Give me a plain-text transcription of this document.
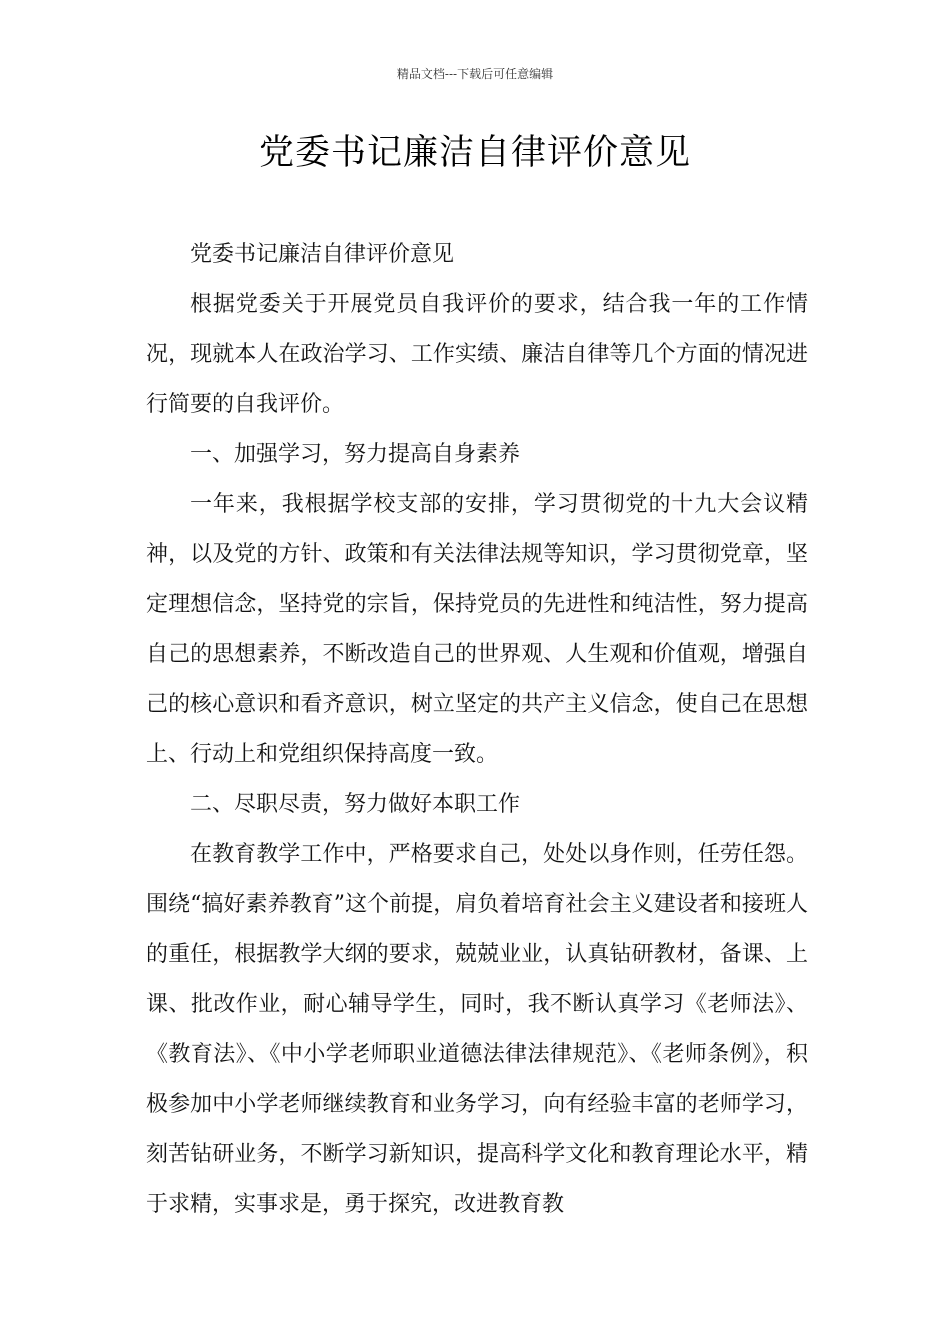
精品文档---下载后可任意编辑
党委书记廉洁自律评价意见

党委书记廉洁自律评价意见

根据党委关于开展党员自我评价的要求，结合我一年的工作情况，现就本人在政治学习、工作实绩、廉洁自律等几个方面的情况进行简要的自我评价。

一、加强学习，努力提高自身素养

一年来，我根据学校支部的安排，学习贯彻党的十九大会议精神，以及党的方针、政策和有关法律法规等知识，学习贯彻党章，坚定理想信念，坚持党的宗旨，保持党员的先进性和纯洁性，努力提高自己的思想素养，不断改造自己的世界观、人生观和价值观，增强自己的核心意识和看齐意识，树立坚定的共产主义信念，使自己在思想上、行动上和党组织保持高度一致。

二、尽职尽责，努力做好本职工作

在教育教学工作中，严格要求自己，处处以身作则，任劳任怨。围绕“搞好素养教育”这个前提，肩负着培育社会主义建设者和接班人的重任，根据教学大纲的要求，兢兢业业，认真钻研教材，备课、上课、批改作业，耐心辅导学生，同时，我不断认真学习《老师法》、《教育法》、《中小学老师职业道德法律法律规范》、《老师条例》，积极参加中小学老师继续教育和业务学习，向有经验丰富的老师学习，刻苦钻研业务，不断学习新知识，提高科学文化和教育理论水平，精于求精，实事求是，勇于探究，改进教育教
